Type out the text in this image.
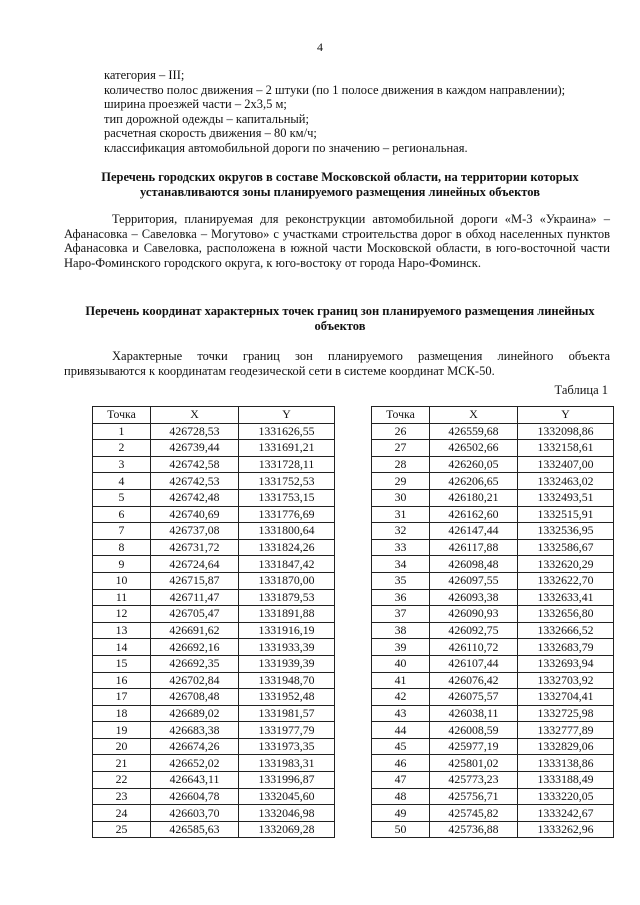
4
категория – III;
количество полос движения – 2 штуки (по 1 полосе движения в каждом направлении);
ширина проезжей части – 2х3,5 м;
тип дорожной одежды – капитальный;
расчетная скорость движения – 80 км/ч;
классификация автомобильной дороги по значению – региональная.
Перечень городских округов в составе Московской области, на территории которых устанавливаются зоны планируемого размещения линейных объектов
Территория, планируемая для реконструкции автомобильной дороги «М-3 «Украина» – Афанасовка – Савеловка – Могутово» с участками строительства дорог в обход населенных пунктов Афанасовка и Савеловка, расположена в южной части Московской области, в юго-восточной части Наро-Фоминского городского округа, к юго-востоку от города Наро-Фоминск.
Перечень координат характерных точек границ зон планируемого размещения линейных объектов
Характерные точки границ зон планируемого размещения линейного объекта привязываются к координатам геодезической сети в системе координат МСК-50.
Таблица 1
Точка	X	Y
1	426728,53	1331626,55
2	426739,44	1331691,21
3	426742,58	1331728,11
4	426742,53	1331752,53
5	426742,48	1331753,15
6	426740,69	1331776,69
7	426737,08	1331800,64
8	426731,72	1331824,26
9	426724,64	1331847,42
10	426715,87	1331870,00
11	426711,47	1331879,53
12	426705,47	1331891,88
13	426691,62	1331916,19
14	426692,16	1331933,39
15	426692,35	1331939,39
16	426702,84	1331948,70
17	426708,48	1331952,48
18	426689,02	1331981,57
19	426683,38	1331977,79
20	426674,26	1331973,35
21	426652,02	1331983,31
22	426643,11	1331996,87
23	426604,78	1332045,60
24	426603,70	1332046,98
25	426585,63	1332069,28
Точка	X	Y
26	426559,68	1332098,86
27	426502,66	1332158,61
28	426260,05	1332407,00
29	426206,65	1332463,02
30	426180,21	1332493,51
31	426162,60	1332515,91
32	426147,44	1332536,95
33	426117,88	1332586,67
34	426098,48	1332620,29
35	426097,55	1332622,70
36	426093,38	1332633,41
37	426090,93	1332656,80
38	426092,75	1332666,52
39	426110,72	1332683,79
40	426107,44	1332693,94
41	426076,42	1332703,92
42	426075,57	1332704,41
43	426038,11	1332725,98
44	426008,59	1332777,89
45	425977,19	1332829,06
46	425801,02	1333138,86
47	425773,23	1333188,49
48	425756,71	1333220,05
49	425745,82	1333242,67
50	425736,88	1333262,96
